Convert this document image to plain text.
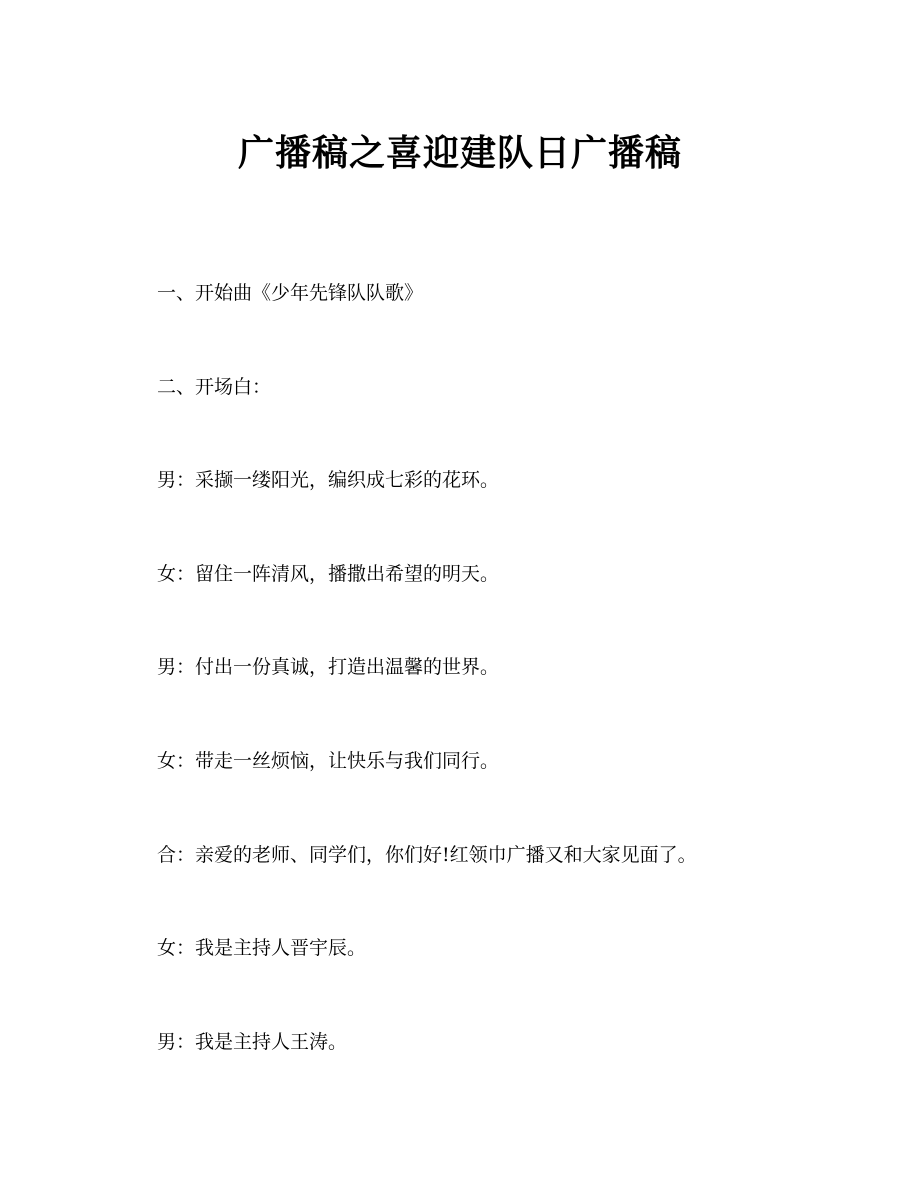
广播稿之喜迎建队日广播稿
一、开始曲《少年先锋队队歌》
二、开场白：
男：采撷一缕阳光，编织成七彩的花环。
女：留住一阵清风，播撒出希望的明天。
男：付出一份真诚，打造出温馨的世界。
女：带走一丝烦恼，让快乐与我们同行。
合：亲爱的老师、同学们，你们好!红领巾广播又和大家见面了。
女：我是主持人晋宇辰。
男：我是主持人王涛。
